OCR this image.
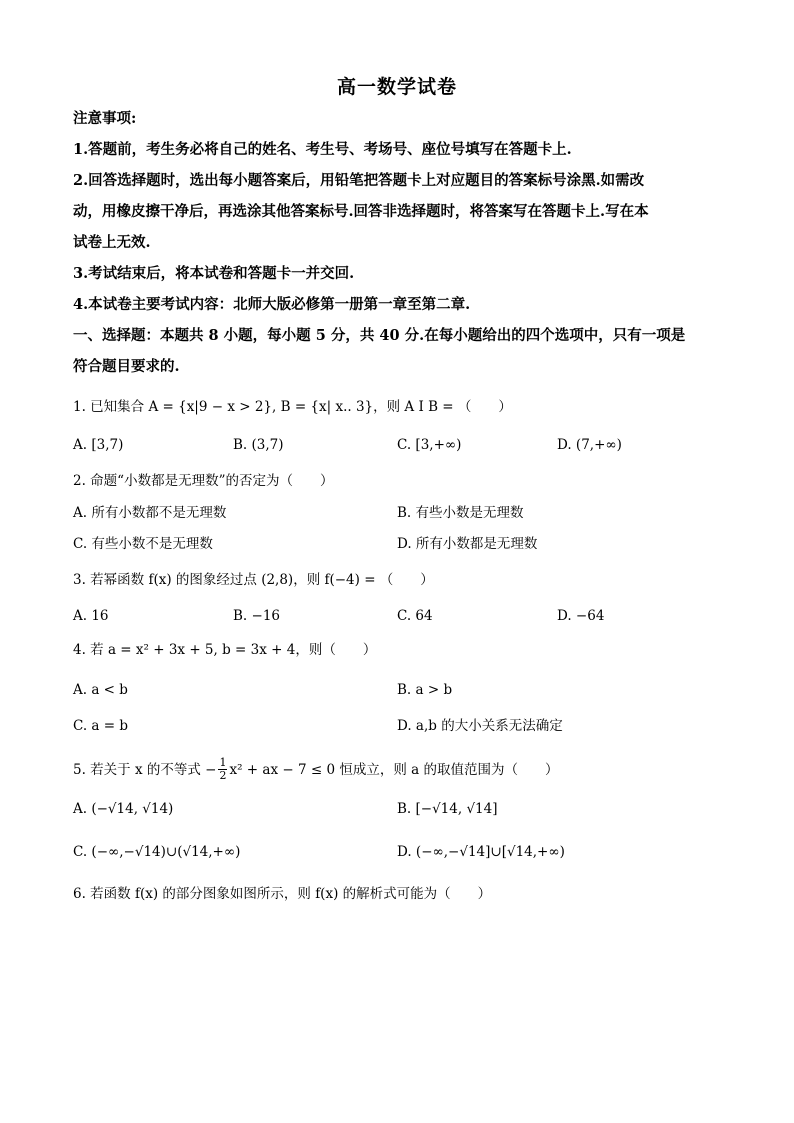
高一数学试卷
注意事项:
1.答题前，考生务必将自己的姓名、考生号、考场号、座位号填写在答题卡上.
2.回答选择题时，选出每小题答案后，用铅笔把答题卡上对应题目的答案标号涂黑.如需改
动，用橡皮擦干净后，再选涂其他答案标号.回答非选择题时，将答案写在答题卡上.写在本
试卷上无效.
3.考试结束后，将本试卷和答题卡一并交回.
4.本试卷主要考试内容：北师大版必修第一册第一章至第二章.
一、选择题：本题共 8 小题，每小题 5 分，共 40 分.在每小题给出的四个选项中，只有一项是
符合题目要求的.
1. 已知集合 A = {x|9 − x > 2}, B = {x| x.. 3}，则 A I B = （　　）
A. [3,7)	B. (3,7)	C. [3,+∞)	D. (7,+∞)
2. 命题“小数都是无理数”的否定为（　　）
A. 所有小数都不是无理数	B. 有些小数是无理数
C. 有些小数不是无理数	D. 所有小数都是无理数
3. 若幂函数 f(x) 的图象经过点 (2,8)，则 f(−4) = （　　）
A. 16	B. −16	C. 64	D. −64
4. 若 a = x² + 3x + 5, b = 3x + 4，则（　　）
A. a < b	B. a > b
C. a = b	D. a,b 的大小关系无法确定
5. 若关于 x 的不等式 − $\frac{1}{2} x^2$ + ax − 7 ≤ 0 恒成立，则 a 的取值范围为（　　）
A. (−√14, √14)	B. [−√14, √14]
C. (−∞,−√14)∪(√14,+∞)	D. (−∞,−√14]∪[√14,+∞)
6. 若函数 f(x) 的部分图象如图所示，则 f(x) 的解析式可能为（　　）
